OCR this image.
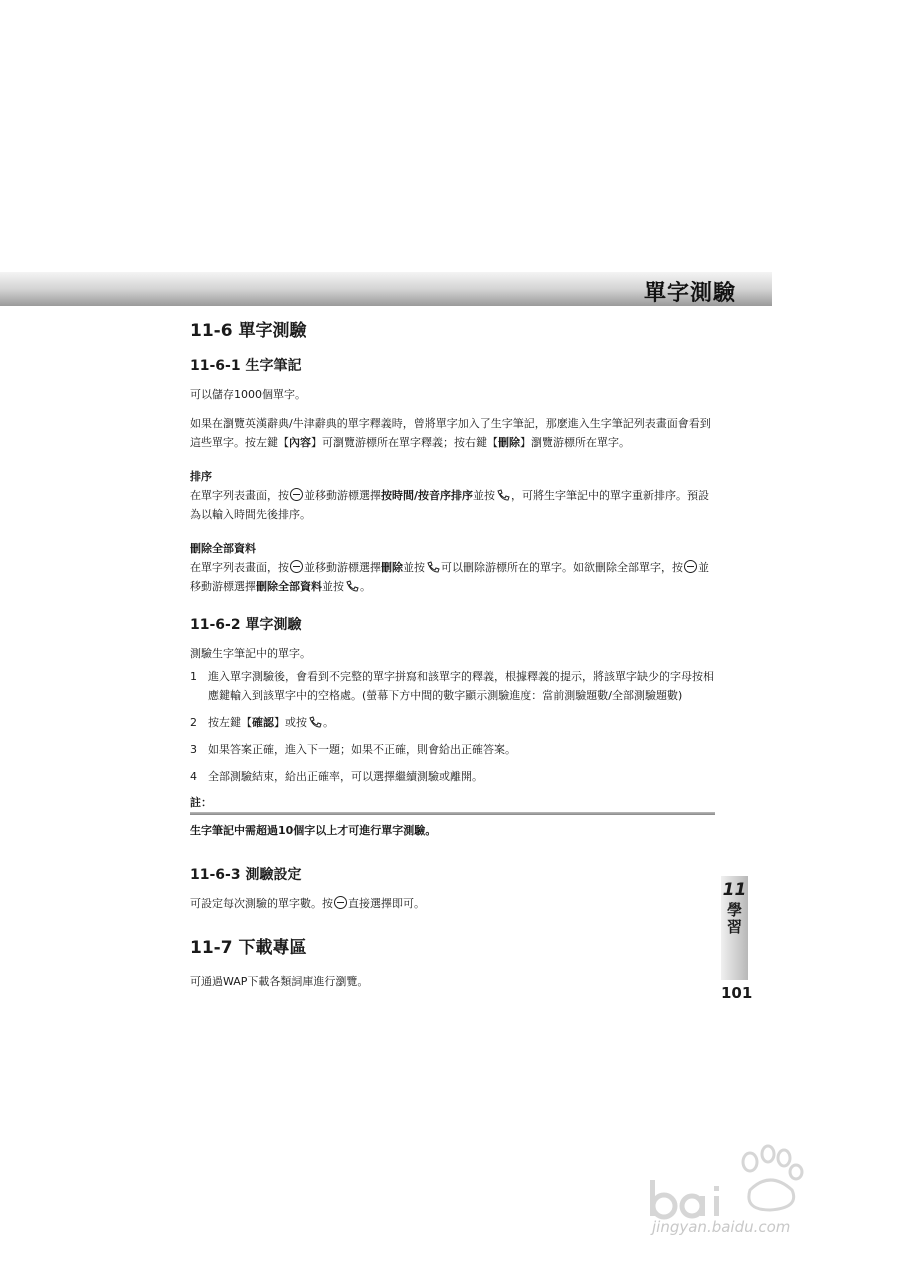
單字測驗
11-6 單字測驗
11-6-1 生字筆記
可以儲存1000個單字。
如果在瀏覽英漢辭典/牛津辭典的單字釋義時，曾將單字加入了生字筆記，那麼進入生字筆記列表畫面會看到這些單字。按左鍵【內容】可瀏覽游標所在單字釋義；按右鍵【刪除】瀏覽游標所在單字。
排序
在單字列表畫面，按 並移動游標選擇按時間/按音序排序並按 ，可將生字筆記中的單字重新排序。預設為以輸入時間先後排序。
刪除全部資料
在單字列表畫面，按 並移動游標選擇刪除並按 可以刪除游標所在的單字。如欲刪除全部單字，按 並移動游標選擇刪除全部資料並按 。
11-6-2 單字測驗
測驗生字筆記中的單字。
1	進入單字測驗後，會看到不完整的單字拼寫和該單字的釋義，根據釋義的提示，將該單字缺少的字母按相應鍵輸入到該單字中的空格處。(螢幕下方中間的數字顯示測驗進度：當前測驗題數/全部測驗題數)
2	按左鍵【確認】或按 。
3	如果答案正確，進入下一題；如果不正確，則會給出正確答案。
4	全部測驗結束，給出正確率，可以選擇繼續測驗或離開。
註：
生字筆記中需超過10個字以上才可進行單字測驗。
11-6-3 測驗設定
可設定每次測驗的單字數。按 直接選擇即可。
11-7 下載專區
可通過WAP下載各類詞庫進行瀏覽。
11
學習
101
jingyan.baidu.com
